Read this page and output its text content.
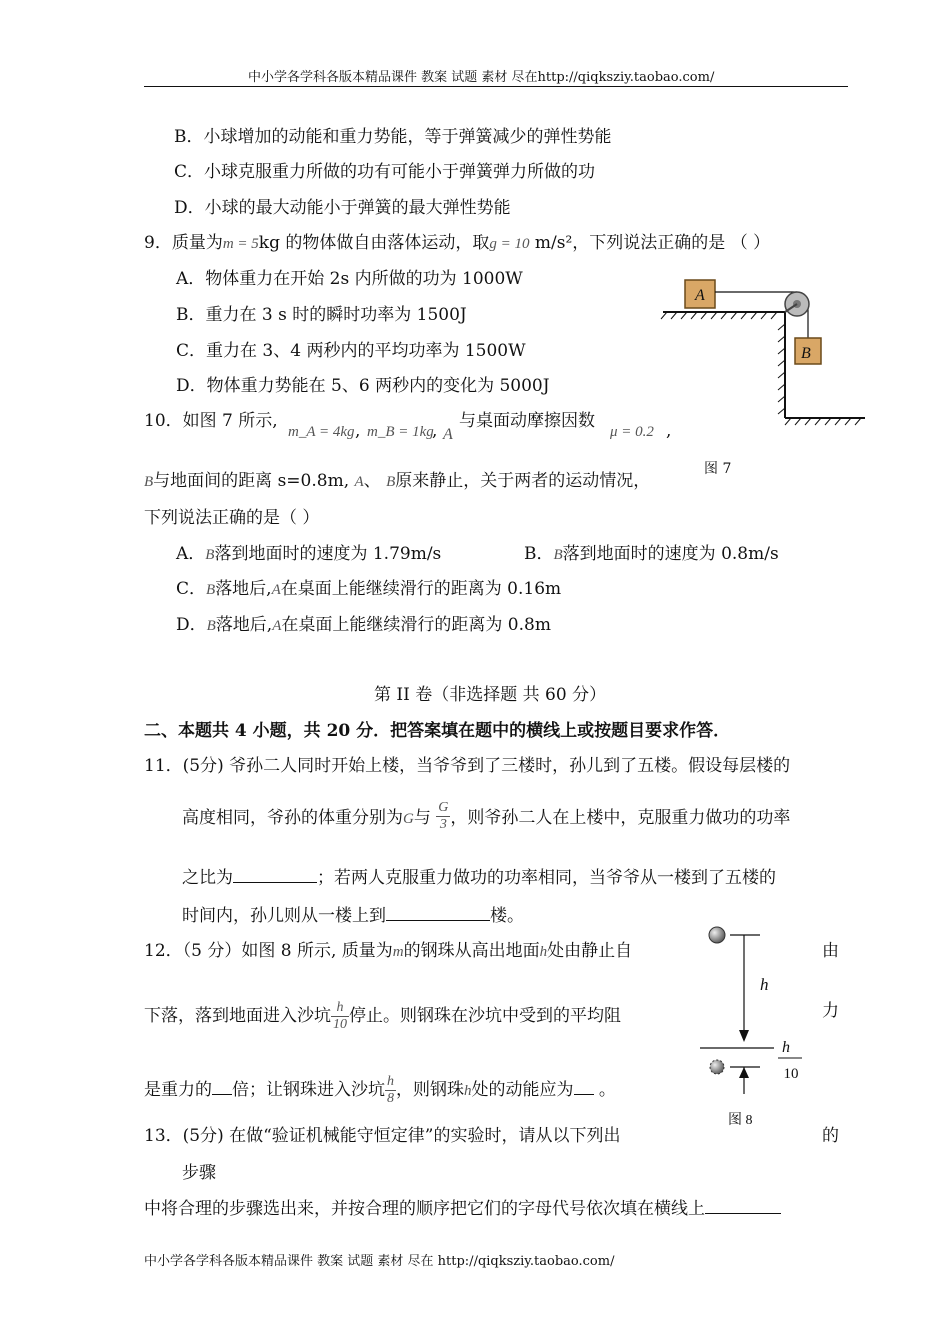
中小学各学科各版本精品课件 教案 试题 素材 尽在http://qiqksziy.taobao.com/
B．小球增加的动能和重力势能，等于弹簧减少的弹性势能
C．小球克服重力所做的功有可能小于弹簧弹力所做的功
D．小球的最大动能小于弹簧的最大弹性势能
9．质量为m = 5kg 的物体做自由落体运动，取g = 10 m/s²，下列说法正确的是 （ ）
A．物体重力在开始 2s 内所做的功为 1000W
B．重力在 3 s 时的瞬时功率为 1500J
C．重力在 3、4 两秒内的平均功率为 1500W
D．物体重力势能在 5、6 两秒内的变化为 5000J
A
B
10．如图 7 所示,
m_A = 4kg , m_B = 1kg
, A
与桌面动摩擦因数
μ = 0.2 ,
图 7
B与地面间的距离 s=0.8m, A、 B原来静止，关于两者的运动情况，
下列说法正确的是（ ）
A．B落到地面时的速度为 1.79m/s	B．B落到地面时的速度为 0.8m/s
C．B落地后,A在桌面上能继续滑行的距离为 0.16m
D．B落地后,A在桌面上能继续滑行的距离为 0.8m
第 II 卷（非选择题 共 60 分）
二、本题共 4 小题，共 20 分．把答案填在题中的横线上或按题目要求作答．
11．(5分) 爷孙二人同时开始上楼，当爷爷到了三楼时，孙儿到了五楼。假设每层楼的
高度相同，爷孙的体重分别为G与 $\frac{G}{3}$ ，则爷孙二人在上楼中，克服重力做功的功率
之比为	；若两人克服重力做功的功率相同，当爷爷从一楼到了五楼的
时间内，孙儿则从一楼上到	楼。
12．（5 分）如图 8 所示, 质量为m的钢珠从高出地面h处由静止自	由
下落，落到地面进入沙坑 $\frac{h}{10}$ 停止。则钢珠在沙坑中受到的平均阻	力
是重力的 倍；让钢珠进入沙坑 $\frac{h}{8}$ ，则钢珠h处的动能应为 。
h
h
10
图 8
13．(5分) 在做“验证机械能守恒定律”的实验时，请从以下列出	的
步骤
中将合理的步骤选出来，并按合理的顺序把它们的字母代号依次填在横线上
中小学各学科各版本精品课件 教案 试题 素材 尽在 http://qiqksziy.taobao.com/
